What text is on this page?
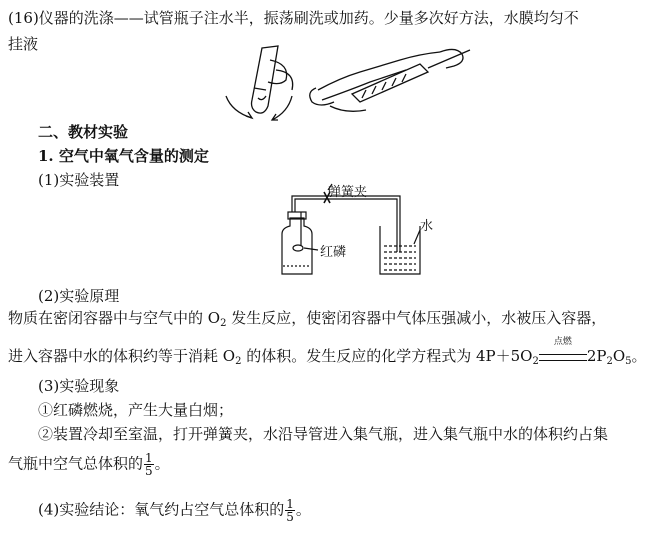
(16)仪器的洗涤——试管瓶子注水半，振荡刷洗或加药。少量多次好方法，水膜均匀不
挂液
二、教材实验
1. 空气中氧气含量的测定
(1)实验装置
弹簧夹
红磷
水
(2)实验原理
物质在密闭容器中与空气中的 $O_2$ 发生反应，使密闭容器中气体压强减小，水被压入容器，
进入容器中水的体积约等于消耗 $O_2$ 的体积。发生反应的化学方程式为 $4P+5O_2$
点燃
$2P_2O_5$。
(3)实验现象
①红磷燃烧，产生大量白烟；
②装置冷却至室温，打开弹簧夹，水沿导管进入集气瓶，进入集气瓶中水的体积约占集
气瓶中空气总体积的 $\frac{1}{5}$ 。
(4)实验结论：氧气约占空气总体积的 $\frac{1}{5}$ 。
